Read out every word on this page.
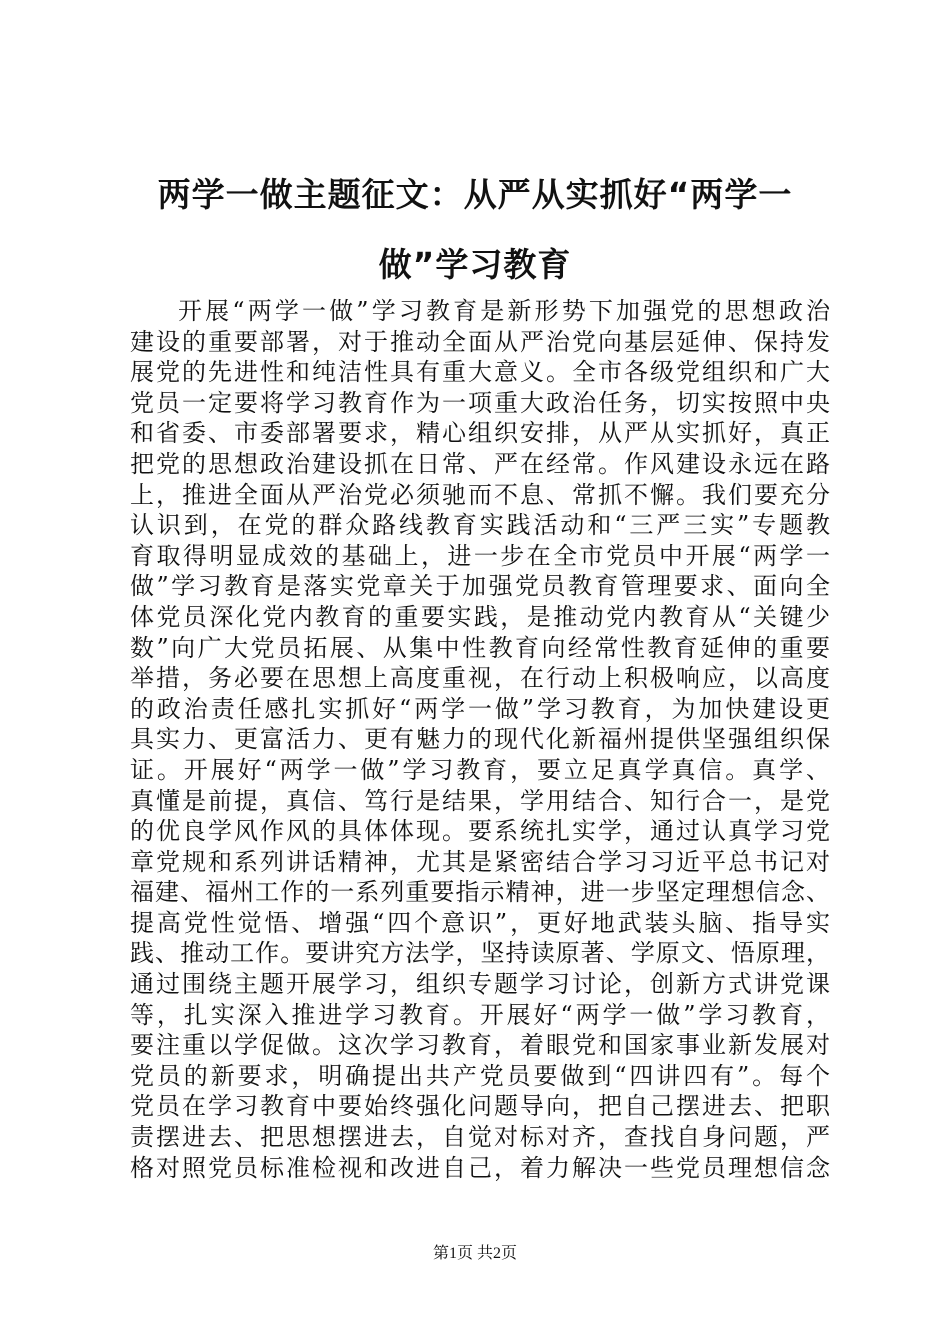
两学一做主题征文：从严从实抓好“两学一
做”学习教育
开展“两学一做”学习教育是新形势下加强党的思想政治
建设的重要部署，对于推动全面从严治党向基层延伸、保持发
展党的先进性和纯洁性具有重大意义。全市各级党组织和广大
党员一定要将学习教育作为一项重大政治任务，切实按照中央
和省委、市委部署要求，精心组织安排，从严从实抓好，真正
把党的思想政治建设抓在日常、严在经常。作风建设永远在路
上，推进全面从严治党必须驰而不息、常抓不懈。我们要充分
认识到，在党的群众路线教育实践活动和“三严三实”专题教
育取得明显成效的基础上，进一步在全市党员中开展“两学一
做”学习教育是落实党章关于加强党员教育管理要求、面向全
体党员深化党内教育的重要实践，是推动党内教育从“关键少
数”向广大党员拓展、从集中性教育向经常性教育延伸的重要
举措，务必要在思想上高度重视，在行动上积极响应，以高度
的政治责任感扎实抓好“两学一做”学习教育，为加快建设更
具实力、更富活力、更有魅力的现代化新福州提供坚强组织保
证。开展好“两学一做”学习教育，要立足真学真信。真学、
真懂是前提，真信、笃行是结果，学用结合、知行合一，是党
的优良学风作风的具体体现。要系统扎实学，通过认真学习党
章党规和系列讲话精神，尤其是紧密结合学习习近平总书记对
福建、福州工作的一系列重要指示精神，进一步坚定理想信念、
提高党性觉悟、增强“四个意识”，更好地武装头脑、指导实
践、推动工作。要讲究方法学，坚持读原著、学原文、悟原理，
通过围绕主题开展学习，组织专题学习讨论，创新方式讲党课
等，扎实深入推进学习教育。开展好“两学一做”学习教育，
要注重以学促做。这次学习教育，着眼党和国家事业新发展对
党员的新要求，明确提出共产党员要做到“四讲四有”。每个
党员在学习教育中要始终强化问题导向，把自己摆进去、把职
责摆进去、把思想摆进去，自觉对标对齐，查找自身问题，严
格对照党员标准检视和改进自己，着力解决一些党员理想信念
第1页 共2页
